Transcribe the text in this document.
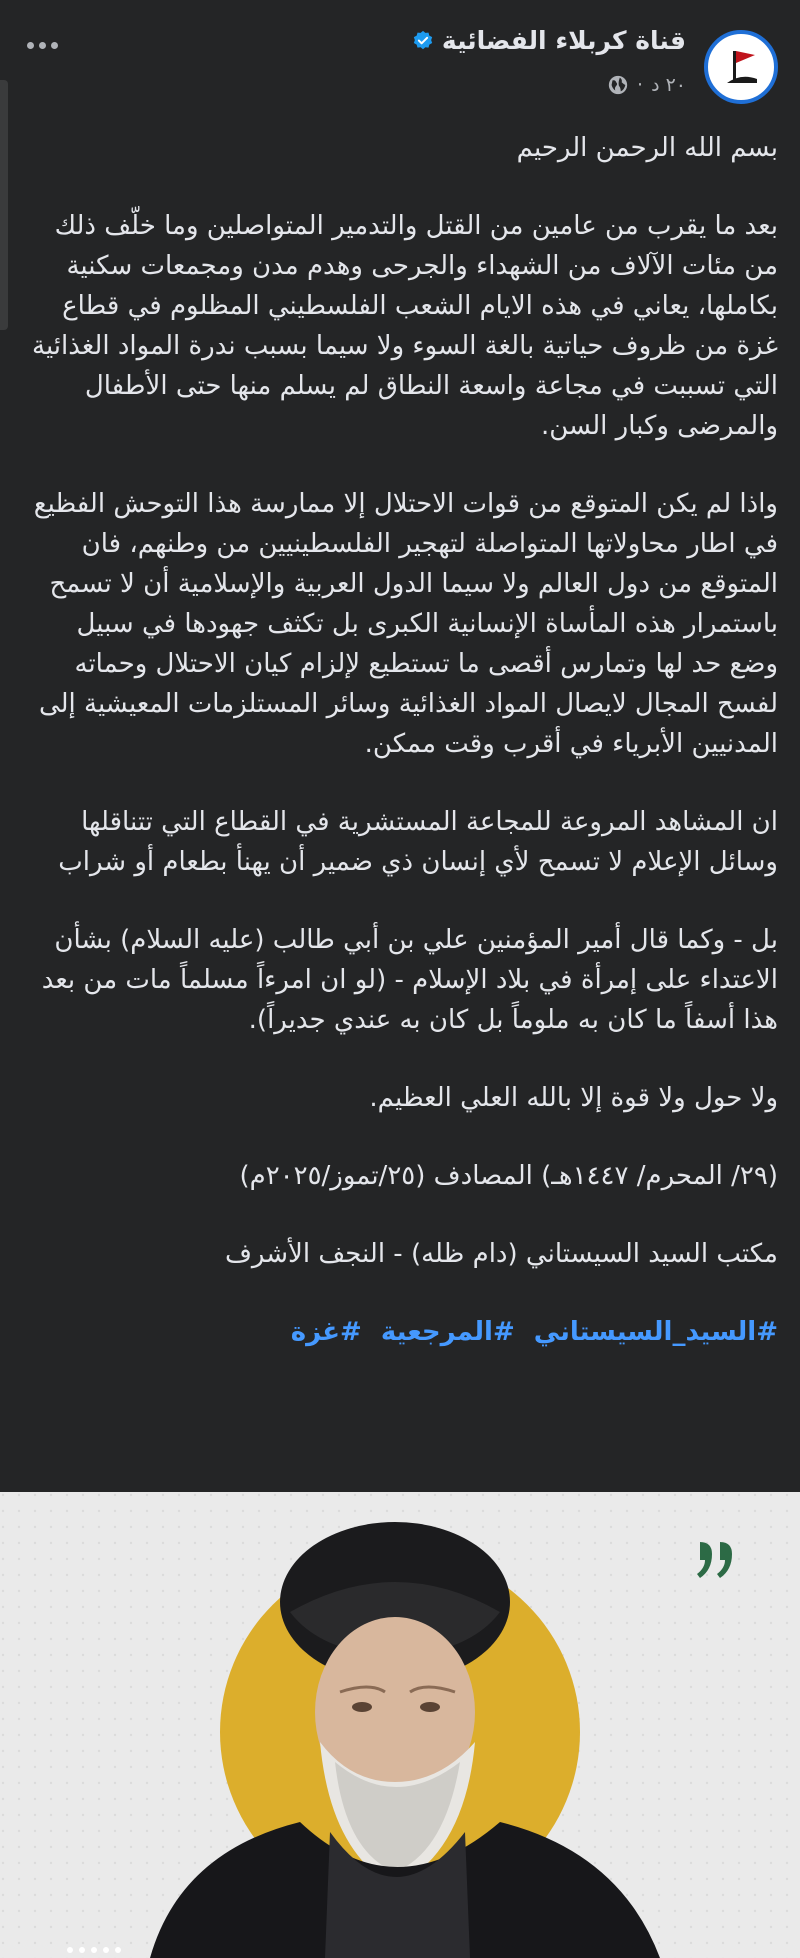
قناة كربلاء الفضائية
٢٠ د
·

بسم الله الرحمن الرحيم

بعد ما يقرب من عامين من القتل والتدمير المتواصلين وما خلّف ذلك من مئات الآلاف من الشهداء والجرحى وهدم مدن ومجمعات سكنية بكاملها، يعاني في هذه الايام الشعب الفلسطيني المظلوم في قطاع غزة من ظروف حياتية بالغة السوء ولا سيما بسبب ندرة المواد الغذائية التي تسببت في مجاعة واسعة النطاق لم يسلم منها حتى الأطفال والمرضى وكبار السن.

واذا لم يكن المتوقع من قوات الاحتلال إلا ممارسة هذا التوحش الفظيع في اطار محاولاتها المتواصلة لتهجير الفلسطينيين من وطنهم، فان المتوقع من دول العالم ولا سيما الدول العربية والإسلامية أن لا تسمح باستمرار هذه المأساة الإنسانية الكبرى بل تكثف جهودها في سبيل وضع حد لها وتمارس أقصى ما تستطيع لإلزام كيان الاحتلال وحماته لفسح المجال لايصال المواد الغذائية وسائر المستلزمات المعيشية إلى المدنيين الأبرياء في أقرب وقت ممكن.

ان المشاهد المروعة للمجاعة المستشرية في القطاع التي تتناقلها وسائل الإعلام لا تسمح لأي إنسان ذي ضمير أن يهنأ بطعام أو شراب

بل - وكما قال أمير المؤمنين علي بن أبي طالب (عليه السلام) بشأن الاعتداء على إمرأة في بلاد الإسلام - (لو ان امرءاً مسلماً مات من بعد هذا أسفاً ما كان به ملوماً بل كان به عندي جديراً).

ولا حول ولا قوة إلا بالله العلي العظيم.

(٢٩/ المحرم/ ١٤٤٧هـ) المصادف (٢٥/تموز/٢٠٢٥م)

مكتب السيد السيستاني (دام ظله) - النجف الأشرف

#السيد_السيستاني #المرجعية #غزة
